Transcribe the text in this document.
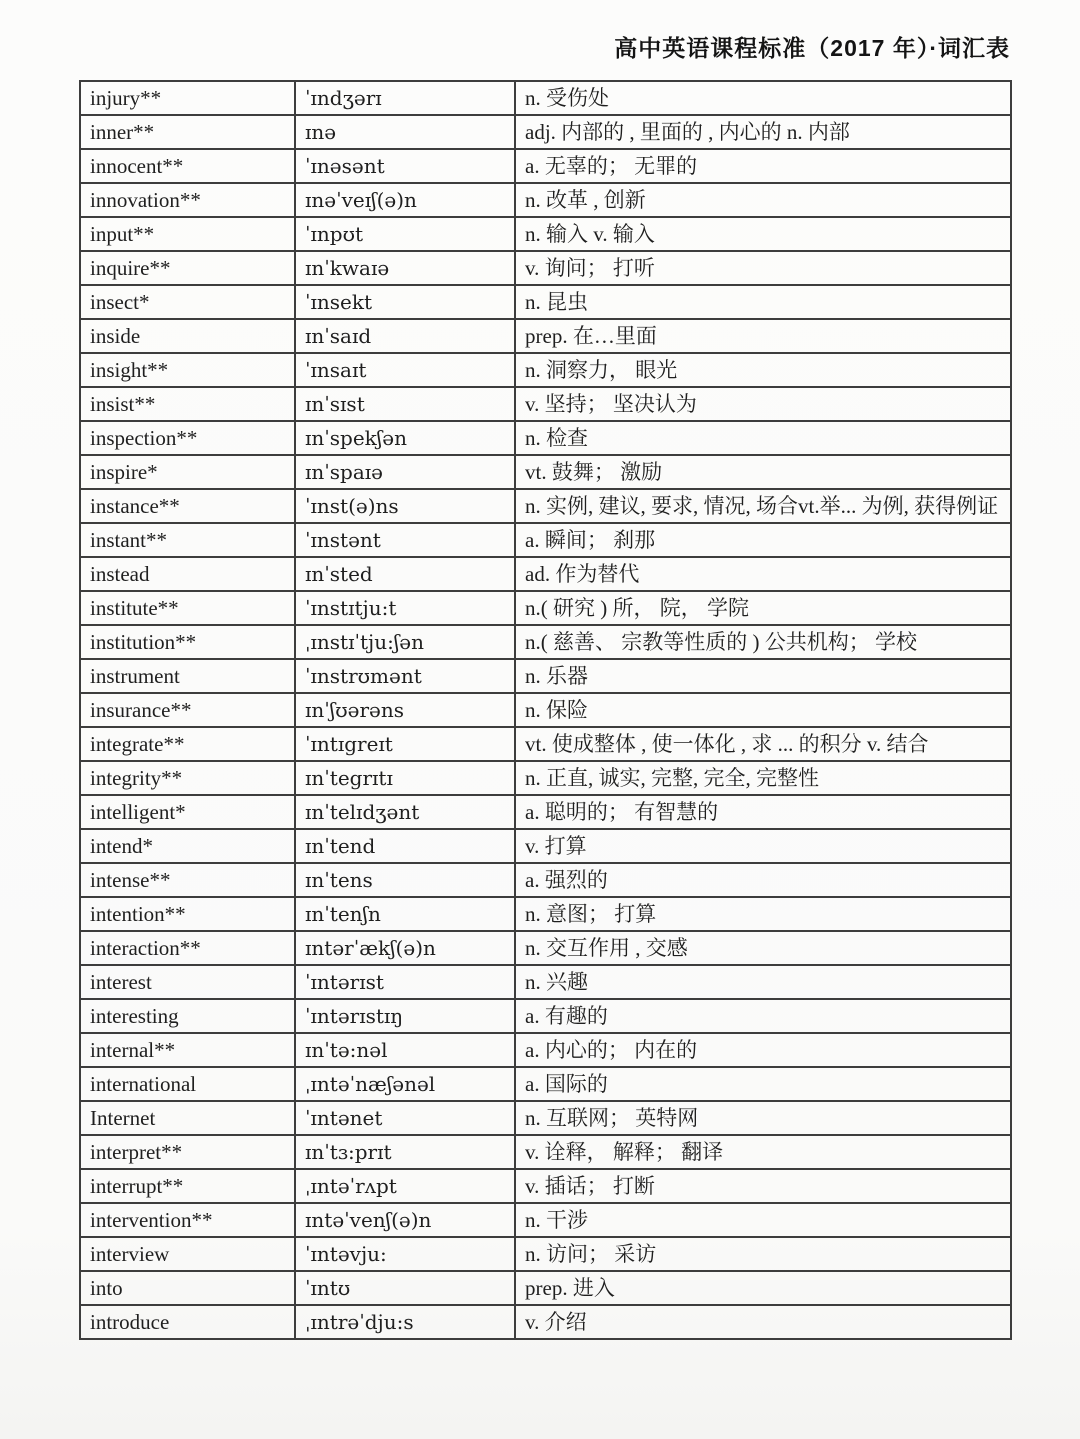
高中英语课程标准（2017 年）·词汇表
injury**	ˈɪndʒərɪ	n. 受伤处
inner**	ɪnə	adj. 内部的 , 里面的 , 内心的 n. 内部
innocent**	ˈɪnəsənt	a. 无辜的； 无罪的
innovation**	ɪnəˈveɪʃ(ə)n	n. 改革 , 创新
input**	ˈɪnpʊt	n. 输入 v. 输入
inquire**	ɪnˈkwaɪə	v. 询问； 打听
insect*	ˈɪnsekt	n. 昆虫
inside	ɪnˈsaɪd	prep. 在…里面
insight**	ˈɪnsaɪt	n. 洞察力， 眼光
insist**	ɪnˈsɪst	v. 坚持； 坚决认为
inspection**	ɪnˈspekʃən	n. 检查
inspire*	ɪnˈspaɪə	vt. 鼓舞； 激励
instance**	ˈɪnst(ə)ns	n. 实例, 建议, 要求, 情况, 场合vt.举... 为例, 获得例证
instant**	ˈɪnstənt	a. 瞬间； 刹那
instead	ɪnˈsted	ad. 作为替代
institute**	ˈɪnstɪtju:t	n.( 研究 ) 所， 院， 学院
institution**	ˌɪnstɪˈtju:ʃən	n.( 慈善、 宗教等性质的 ) 公共机构； 学校
instrument	ˈɪnstrʊmənt	n. 乐器
insurance**	ɪnˈʃʊərəns	n. 保险
integrate**	ˈɪntɪgreɪt	vt. 使成整体 , 使一体化 , 求 ... 的积分 v. 结合
integrity**	ɪnˈtegrɪtɪ	n. 正直, 诚实, 完整, 完全, 完整性
intelligent*	ɪnˈtelɪdʒənt	a. 聪明的； 有智慧的
intend*	ɪnˈtend	v. 打算
intense**	ɪnˈtens	a. 强烈的
intention**	ɪnˈtenʃn	n. 意图； 打算
interaction**	ɪntərˈækʃ(ə)n	n. 交互作用 , 交感
interest	ˈɪntərɪst	n. 兴趣
interesting	ˈɪntərɪstɪŋ	a. 有趣的
internal**	ɪnˈtə:nəl	a. 内心的； 内在的
international	ˌɪntəˈnæʃənəl	a. 国际的
Internet	ˈɪntənet	n. 互联网； 英特网
interpret**	ɪnˈtɜ:prɪt	v. 诠释， 解释； 翻译
interrupt**	ˌɪntəˈrʌpt	v. 插话； 打断
intervention**	ɪntəˈvenʃ(ə)n	n. 干涉
interview	ˈɪntəvju:	n. 访问； 采访
into	ˈɪntʊ	prep. 进入
introduce	ˌɪntrəˈdju:s	v. 介绍
